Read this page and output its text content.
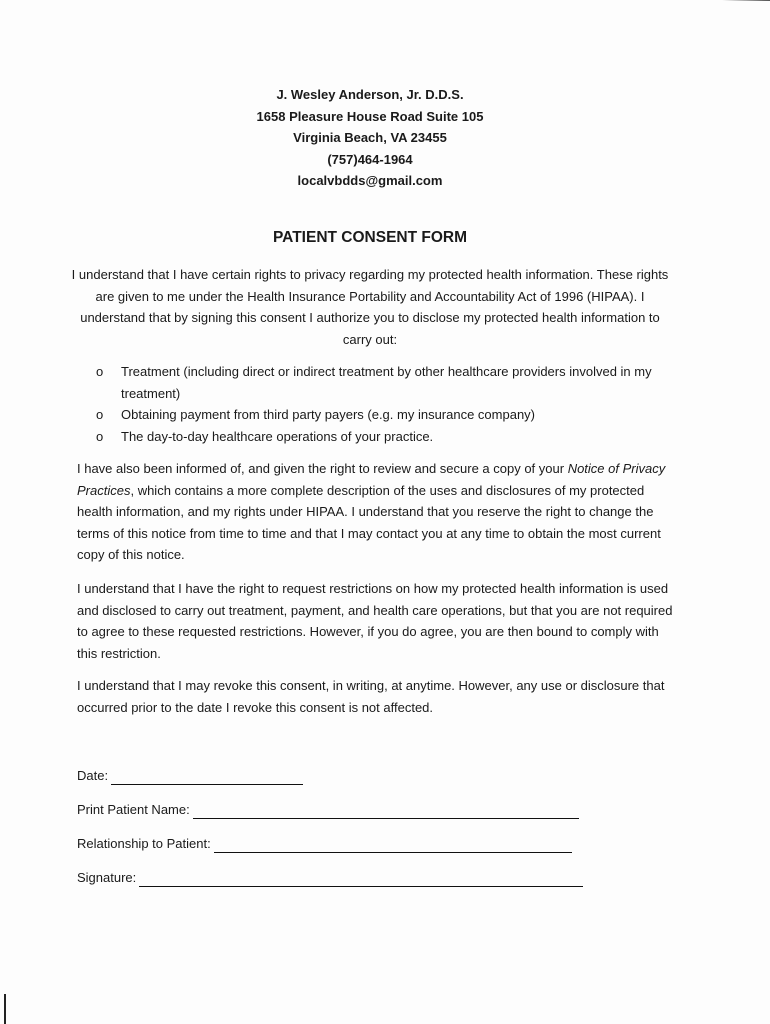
J. Wesley Anderson, Jr. D.D.S.
1658 Pleasure House Road Suite 105
Virginia Beach, VA 23455
(757)464-1964
localvbdds@gmail.com
PATIENT CONSENT FORM
I understand that I have certain rights to privacy regarding my protected health information. These rights are given to me under the Health Insurance Portability and Accountability Act of 1996 (HIPAA). I understand that by signing this consent I authorize you to disclose my protected health information to carry out:
o	Treatment (including direct or indirect treatment by other healthcare providers involved in my treatment)
o	Obtaining payment from third party payers (e.g. my insurance company)
o	The day-to-day healthcare operations of your practice.
I have also been informed of, and given the right to review and secure a copy of your Notice of Privacy Practices, which contains a more complete description of the uses and disclosures of my protected health information, and my rights under HIPAA. I understand that you reserve the right to change the terms of this notice from time to time and that I may contact you at any time to obtain the most current copy of this notice.
I understand that I have the right to request restrictions on how my protected health information is used and disclosed to carry out treatment, payment, and health care operations, but that you are not required to agree to these requested restrictions. However, if you do agree, you are then bound to comply with this restriction.
I understand that I may revoke this consent, in writing, at anytime. However, any use or disclosure that occurred prior to the date I revoke this consent is not affected.
Date:
Print Patient Name:
Relationship to Patient:
Signature:
